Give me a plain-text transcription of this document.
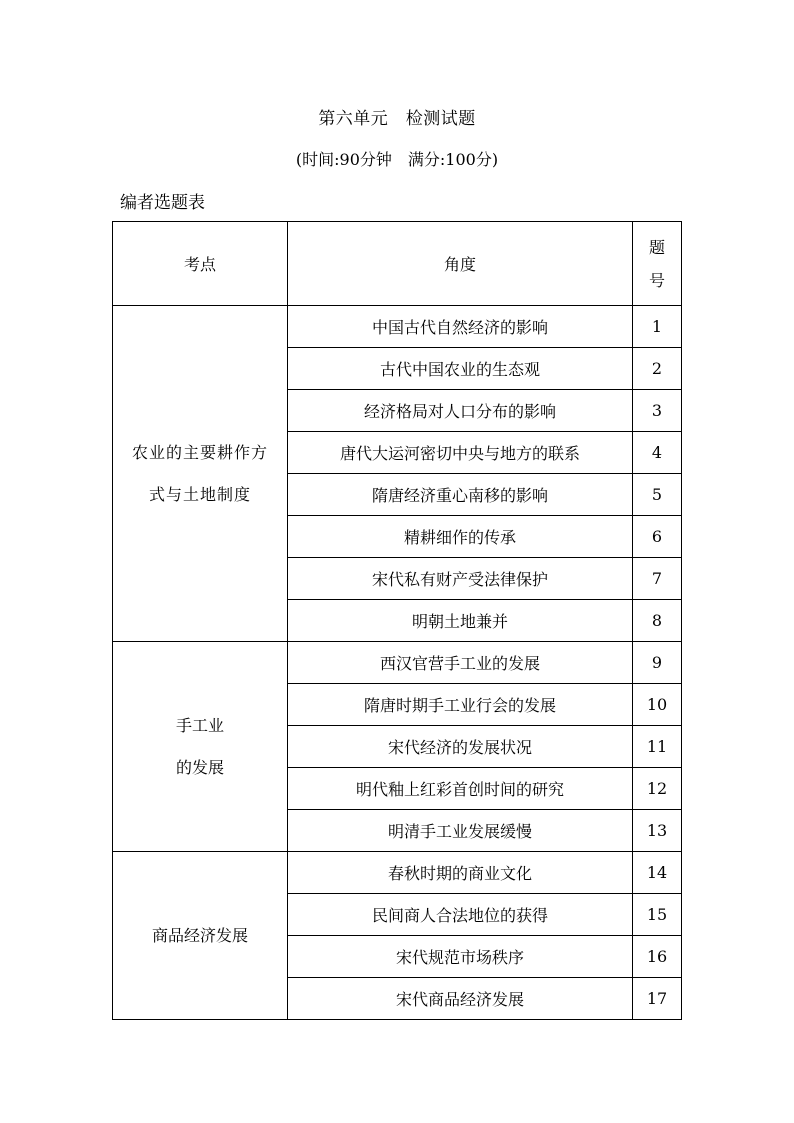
第六单元　检测试题
(时间:90分钟　满分:100分)
编者选题表
考点	角度	题
号

农业的主要耕作方
式与土地制度	中国古代自然经济的影响	1
	古代中国农业的生态观	2
	经济格局对人口分布的影响	3
	唐代大运河密切中央与地方的联系	4
	隋唐经济重心南移的影响	5
	精耕细作的传承	6
	宋代私有财产受法律保护	7
	明朝土地兼并	8

手工业
的发展	西汉官营手工业的发展	9
	隋唐时期手工业行会的发展	10
	宋代经济的发展状况	11
	明代釉上红彩首创时间的研究	12
	明清手工业发展缓慢	13

商品经济发展	春秋时期的商业文化	14
	民间商人合法地位的获得	15
	宋代规范市场秩序	16
	宋代商品经济发展	17
